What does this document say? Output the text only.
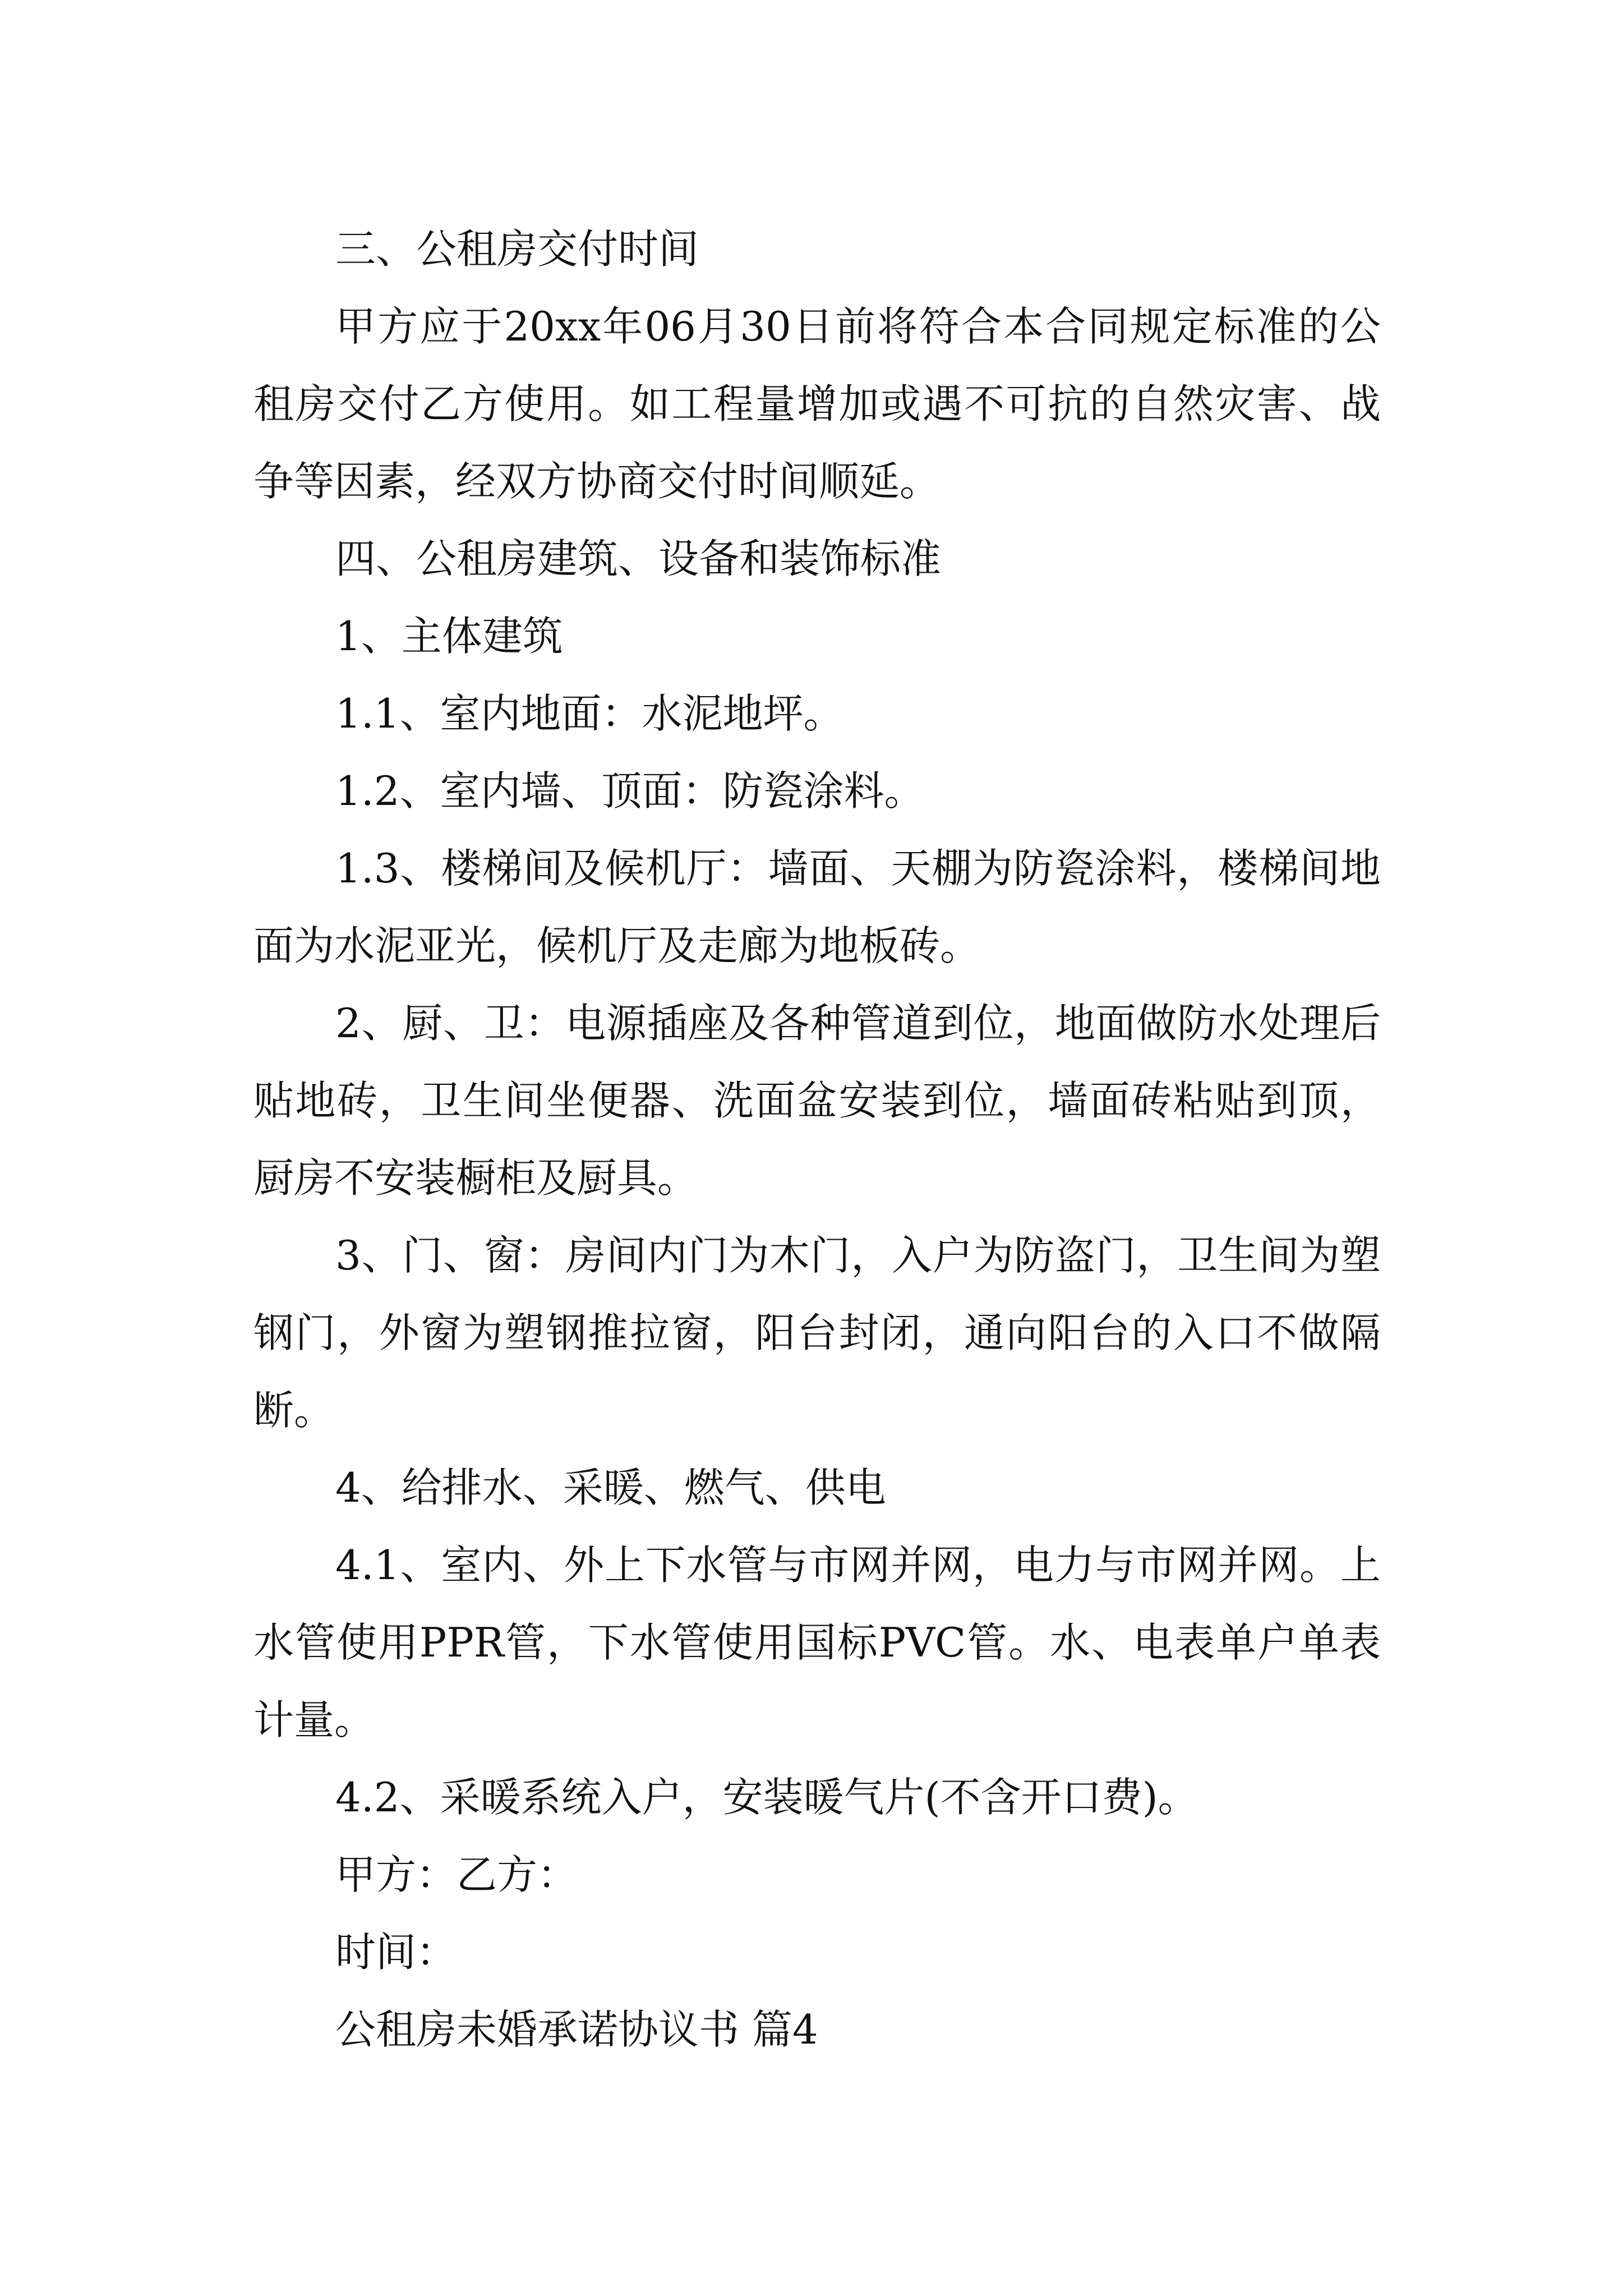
三、公租房交付时间

甲方应于20xx年06月30日前将符合本合同规定标准的公租房交付乙方使用。如工程量增加或遇不可抗的自然灾害、战争等因素，经双方协商交付时间顺延。

四、公租房建筑、设备和装饰标准

1、主体建筑

1.1、室内地面：水泥地坪。

1.2、室内墙、顶面：防瓷涂料。

1.3、楼梯间及候机厅：墙面、天棚为防瓷涂料，楼梯间地面为水泥亚光，候机厅及走廊为地板砖。

2、厨、卫：电源插座及各种管道到位，地面做防水处理后贴地砖，卫生间坐便器、洗面盆安装到位，墙面砖粘贴到顶，厨房不安装橱柜及厨具。

3、门、窗：房间内门为木门，入户为防盗门，卫生间为塑钢门，外窗为塑钢推拉窗，阳台封闭，通向阳台的入口不做隔断。

4、给排水、采暖、燃气、供电

4.1、室内、外上下水管与市网并网，电力与市网并网。上水管使用PPR管，下水管使用国标PVC管。水、电表单户单表计量。

4.2、采暖系统入户，安装暖气片(不含开口费)。

甲方：乙方：

时间：

公租房未婚承诺协议书 篇4
